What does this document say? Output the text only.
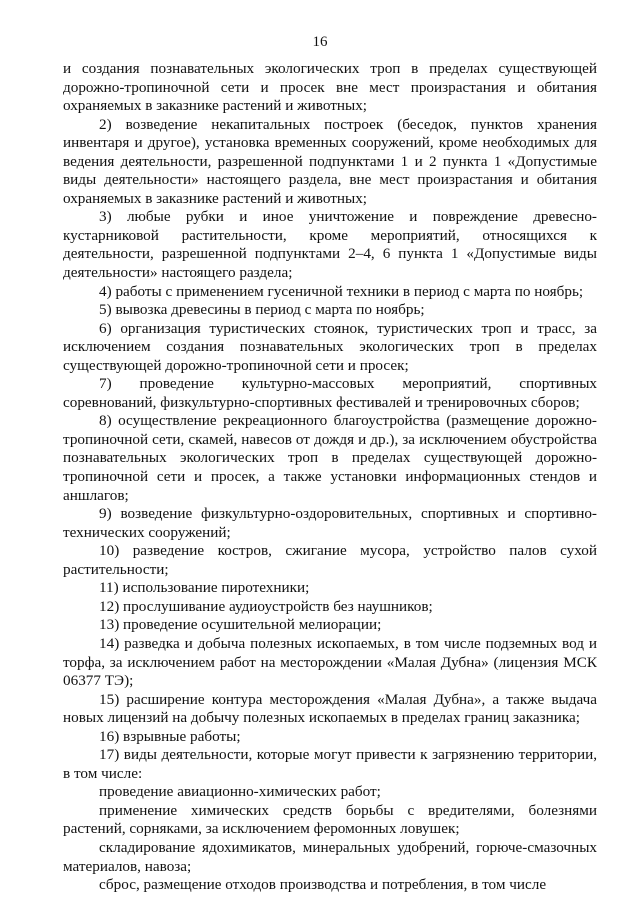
16

и создания познавательных экологических троп в пределах существующей дорожно-тропиночной сети и просек вне мест произрастания и обитания охраняемых в заказнике растений и животных;

2) возведение некапитальных построек (беседок, пунктов хранения инвентаря и другое), установка временных сооружений, кроме необходимых для ведения деятельности, разрешенной подпунктами 1 и 2 пункта 1 «Допустимые виды деятельности» настоящего раздела, вне мест произрастания и обитания охраняемых в заказнике растений и животных;

3) любые рубки и иное уничтожение и повреждение древесно-кустарниковой растительности, кроме мероприятий, относящихся к деятельности, разрешенной подпунктами 2–4, 6 пункта 1 «Допустимые виды деятельности» настоящего раздела;

4) работы с применением гусеничной техники в период с марта по ноябрь;

5) вывозка древесины в период с марта по ноябрь;

6) организация туристических стоянок, туристических троп и трасс, за исключением создания познавательных экологических троп в пределах существующей дорожно-тропиночной сети и просек;

7) проведение культурно-массовых мероприятий, спортивных соревнований, физкультурно-спортивных фестивалей и тренировочных сборов;

8) осуществление рекреационного благоустройства (размещение дорожно-тропиночной сети, скамей, навесов от дождя и др.), за исключением обустройства познавательных экологических троп в пределах существующей дорожно-тропиночной сети и просек, а также установки информационных стендов и аншлагов;

9) возведение физкультурно-оздоровительных, спортивных и спортивно-технических сооружений;

10) разведение костров, сжигание мусора, устройство палов сухой растительности;

11) использование пиротехники;

12) прослушивание аудиоустройств без наушников;

13) проведение осушительной мелиорации;

14) разведка и добыча полезных ископаемых, в том числе подземных вод и торфа, за исключением работ на месторождении «Малая Дубна» (лицензия МСК 06377 ТЭ);

15) расширение контура месторождения «Малая Дубна», а также выдача новых лицензий на добычу полезных ископаемых в пределах границ заказника;

16) взрывные работы;

17) виды деятельности, которые могут привести к загрязнению территории, в том числе:

проведение авиационно-химических работ;

применение химических средств борьбы с вредителями, болезнями растений, сорняками, за исключением феромонных ловушек;

складирование ядохимикатов, минеральных удобрений, горюче-смазочных материалов, навоза;

сброс, размещение отходов производства и потребления, в том числе
